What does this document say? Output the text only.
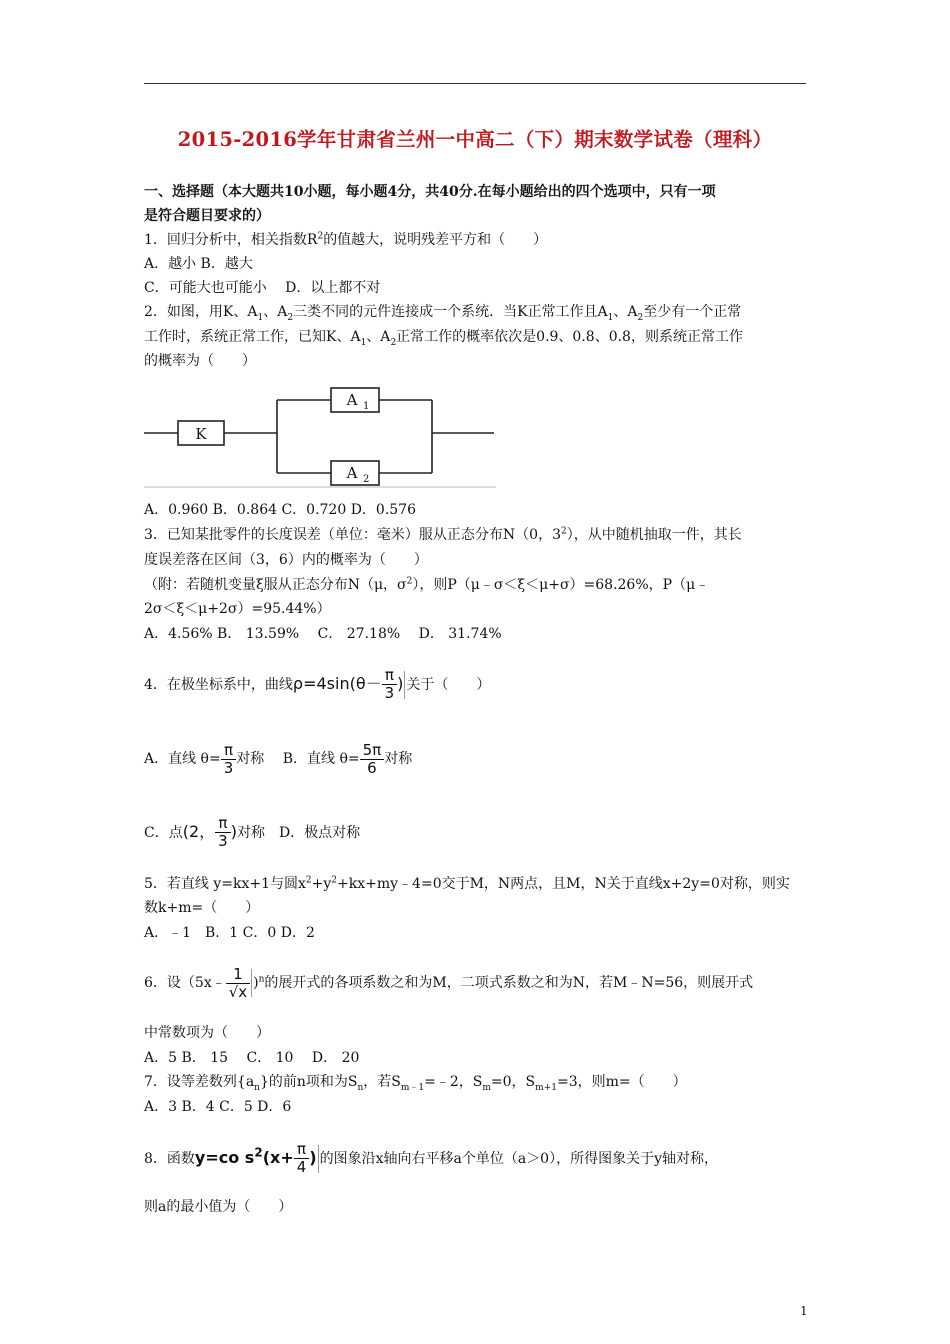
2015-2016学年甘肃省兰州一中高二（下）期末数学试卷（理科）
一、选择题（本大题共10小题，每小题4分，共40分.在每小题给出的四个选项中，只有一项
是符合题目要求的）
1．回归分析中，相关指数$R^2$的值越大，说明残差平方和（　　）
A．越小 B．越大
C．可能大也可能小　 D．以上都不对
2．如图，用K、$A_1$、$A_2$三类不同的元件连接成一个系统．当K正常工作且$A_1$、$A_2$至少有一个正常
工作时，系统正常工作，已知K、$A_1$、$A_2$正常工作的概率依次是0.9、0.8、0.8，则系统正常工作
的概率为（　　）
K
A 1
A 2
A．0.960 B．0.864 C．0.720 D．0.576
3．已知某批零件的长度误差（单位：毫米）服从正态分布N（0，$3^2$），从中随机抽取一件，其长
度误差落在区间（3，6）内的概率为（　　）
（附：若随机变量ξ服从正态分布N（μ，$\sigma^2$），则P（μ﹣σ＜ξ＜μ+σ）=68.26%，P（μ﹣
2σ＜ξ＜μ+2σ）=95.44%）
A．4.56% B． 13.59%　 C． 27.18%　 D． 31.74%
4．在极坐标系中，曲线$\rho=4\sin(\theta- \frac{\pi}{3}$ ) 关于（　　）
A．直线 $\theta= \frac{\pi}{3}$ 对称　 B．直线 $\theta= \frac{5\pi}{6}$ 对称
C．点(2， $\frac{\pi}{3}$ )对称　D．极点对称
5．若直线 y=kx+1与圆$x^2+y^2+kx+my﹣4=0$交于M，N两点，且M，N关于直线x+2y=0对称，则实
数k+m=（　　）
A．﹣1　B．1 C．0 D．2
6．设（5x﹣ $\frac{1}{√x} )^n$的展开式的各项系数之和为M，二项式系数之和为N，若M﹣N=56，则展开式
中常数项为（　　）
A．5 B． 15　 C． 10　 D． 20
7．设等差数列$\{a_n\}$的前n项和为$S_n$，若$S_{m﹣1}=﹣2$，$S_m=0$，$S_{m+1}=3$，则m=（　　）
A．3 B．4 C．5 D．6
8．函数y=co $s^2(x+ \frac{\pi}{4}$ ) 的图象沿x轴向右平移a个单位（a＞0），所得图象关于y轴对称，
则a的最小值为（　　）
1
